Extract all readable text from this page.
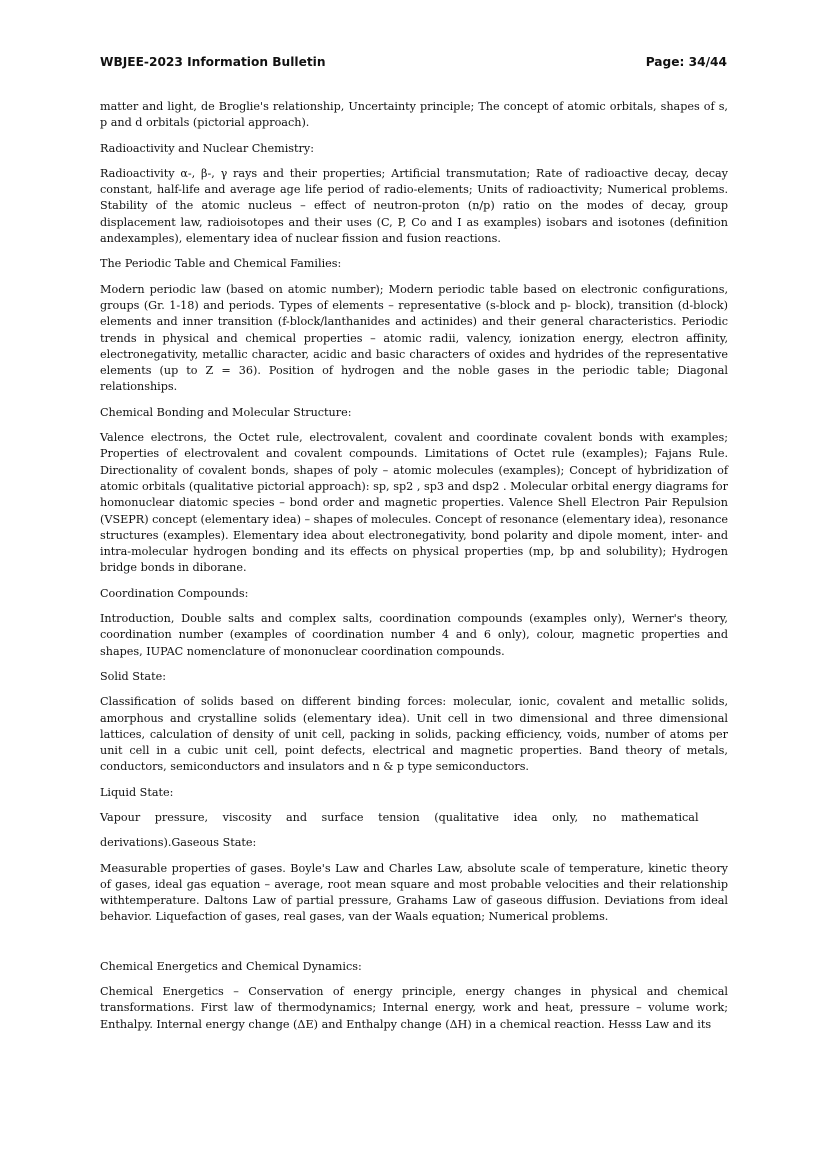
WBJEE-2023 Information Bulletin	Page: 34/44

matter and light, de Broglie's relationship, Uncertainty principle; The concept of atomic orbitals, shapes of s, p and d orbitals (pictorial approach).

Radioactivity and Nuclear Chemistry:

Radioactivity α-, β-, γ rays and their properties; Artificial transmutation; Rate of radioactive decay, decay constant, half-life and average age life period of radio-elements; Units of radioactivity; Numerical problems. Stability of the atomic nucleus – effect of neutron-proton (n/p) ratio on the modes of decay, group displacement law, radioisotopes and their uses (C, P, Co and I as examples) isobars and isotones (definition andexamples), elementary idea of nuclear fission and fusion reactions.

The Periodic Table and Chemical Families:

Modern periodic law (based on atomic number); Modern periodic table based on electronic configurations, groups (Gr. 1-18) and periods. Types of elements – representative (s-block and p- block), transition (d-block) elements and inner transition (f-block/lanthanides and actinides) and their general characteristics. Periodic trends in physical and chemical properties – atomic radii, valency, ionization energy, electron affinity, electronegativity, metallic character, acidic and basic characters of oxides and hydrides of the representative elements (up to Z = 36). Position of hydrogen and the noble gases in the periodic table; Diagonal relationships.

Chemical Bonding and Molecular Structure:

Valence electrons, the Octet rule, electrovalent, covalent and coordinate covalent bonds with examples; Properties of electrovalent and covalent compounds. Limitations of Octet rule (examples); Fajans Rule. Directionality of covalent bonds, shapes of poly – atomic molecules (examples); Concept of hybridization of atomic orbitals (qualitative pictorial approach): sp, sp2 , sp3 and dsp2 . Molecular orbital energy diagrams for homonuclear diatomic species – bond order and magnetic properties. Valence Shell Electron Pair Repulsion (VSEPR) concept (elementary idea) – shapes of molecules. Concept of resonance (elementary idea), resonance structures (examples). Elementary idea about electronegativity, bond polarity and dipole moment, inter- and intra-molecular hydrogen bonding and its effects on physical properties (mp, bp and solubility); Hydrogen bridge bonds in diborane.

Coordination Compounds:

Introduction, Double salts and complex salts, coordination compounds (examples only), Werner's theory, coordination number (examples of coordination number 4 and 6 only), colour, magnetic properties and shapes, IUPAC nomenclature of mononuclear coordination compounds.

Solid State:

Classification of solids based on different binding forces: molecular, ionic, covalent and metallic solids, amorphous and crystalline solids (elementary idea). Unit cell in two dimensional and three dimensional lattices, calculation of density of unit cell, packing in solids, packing efficiency, voids, number of atoms per unit cell in a cubic unit cell, point defects, electrical and magnetic properties. Band theory of metals, conductors, semiconductors and insulators and n & p type semiconductors.

Liquid State:

Vapour pressure, viscosity and surface tension (qualitative idea only, no mathematical

derivations).Gaseous State:

Measurable properties of gases. Boyle's Law and Charles Law, absolute scale of temperature, kinetic theory of gases, ideal gas equation – average, root mean square and most probable velocities and their relationship withtemperature. Daltons Law of partial pressure, Grahams Law of gaseous diffusion. Deviations from ideal behavior. Liquefaction of gases, real gases, van der Waals equation; Numerical problems.

Chemical Energetics and Chemical Dynamics:

Chemical Energetics – Conservation of energy principle, energy changes in physical and chemical transformations. First law of thermodynamics; Internal energy, work and heat, pressure – volume work; Enthalpy. Internal energy change (ΔE) and Enthalpy change (ΔH) in a chemical reaction. Hesss Law and its
